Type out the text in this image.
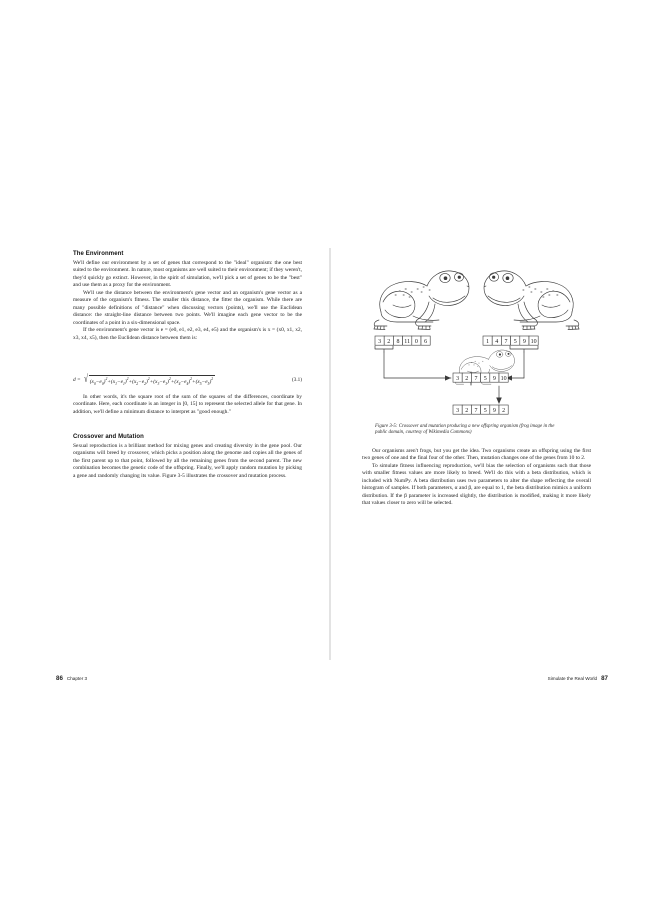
The Environment

We'll define our environment by a set of genes that correspond to the "ideal" organism: the one best suited to the environment. In nature, most organisms are well suited to their environment; if they weren't, they'd quickly go extinct. However, in the spirit of simulation, we'll pick a set of genes to be the "best" and use them as a proxy for the environment.

We'll use the distance between the environment's gene vector and an organism's gene vector as a measure of the organism's fitness. The smaller this distance, the fitter the organism. While there are many possible definitions of "distance" when discussing vectors (points), we'll use the Euclidean distance: the straight-line distance between two points. We'll imagine each gene vector to be the coordinates of a point in a six-dimensional space.

If the environment's gene vector is e = (e0, e1, e2, e3, e4, e5) and the organism's is x = (x0, x1, x2, x3, x4, x5), then the Euclidean distance between them is:

d = √ $(x_0-e_0)^2+(x_1-e_1)^2+(x_2-e_2)^2+(x_3-e_3)^2+(x_4-e_4)^2+(x_5-e_5)^2$	(3.1)

In other words, it's the square root of the sum of the squares of the differences, coordinate by coordinate. Here, each coordinate is an integer in [0, 15] to represent the selected allele for that gene. In addition, we'll define a minimum distance to interpret as "good enough."

Crossover and Mutation

Sexual reproduction is a brilliant method for mixing genes and creating diversity in the gene pool. Our organisms will breed by crossover, which picks a position along the genome and copies all the genes of the first parent up to that point, followed by all the remaining genes from the second parent. The new combination becomes the genetic code of the offspring. Finally, we'll apply random mutation by picking a gene and randomly changing its value. Figure 3-5 illustrates the crossover and mutation process.

86 Chapter 3
3 2 8 11 0 6	1 4 7 5 9 10
3 2 7 5 9 10
3 2 7 5 9 2
Figure 3-5: Crossover and mutation producing a new offspring organism (frog image in the public domain, courtesy of Wikimedia Commons)

Our organisms aren't frogs, but you get the idea. Two organisms create an offspring using the first two genes of one and the final four of the other. Then, mutation changes one of the genes from 10 to 2.

To simulate fitness influencing reproduction, we'll bias the selection of organisms such that those with smaller fitness values are more likely to breed. We'll do this with a beta distribution, which is included with NumPy. A beta distribution uses two parameters to alter the shape reflecting the overall histogram of samples. If both parameters, α and β, are equal to 1, the beta distribution mimics a uniform distribution. If the β parameter is increased slightly, the distribution is modified, making it more likely that values closer to zero will be selected.

Simulate the Real World 87
